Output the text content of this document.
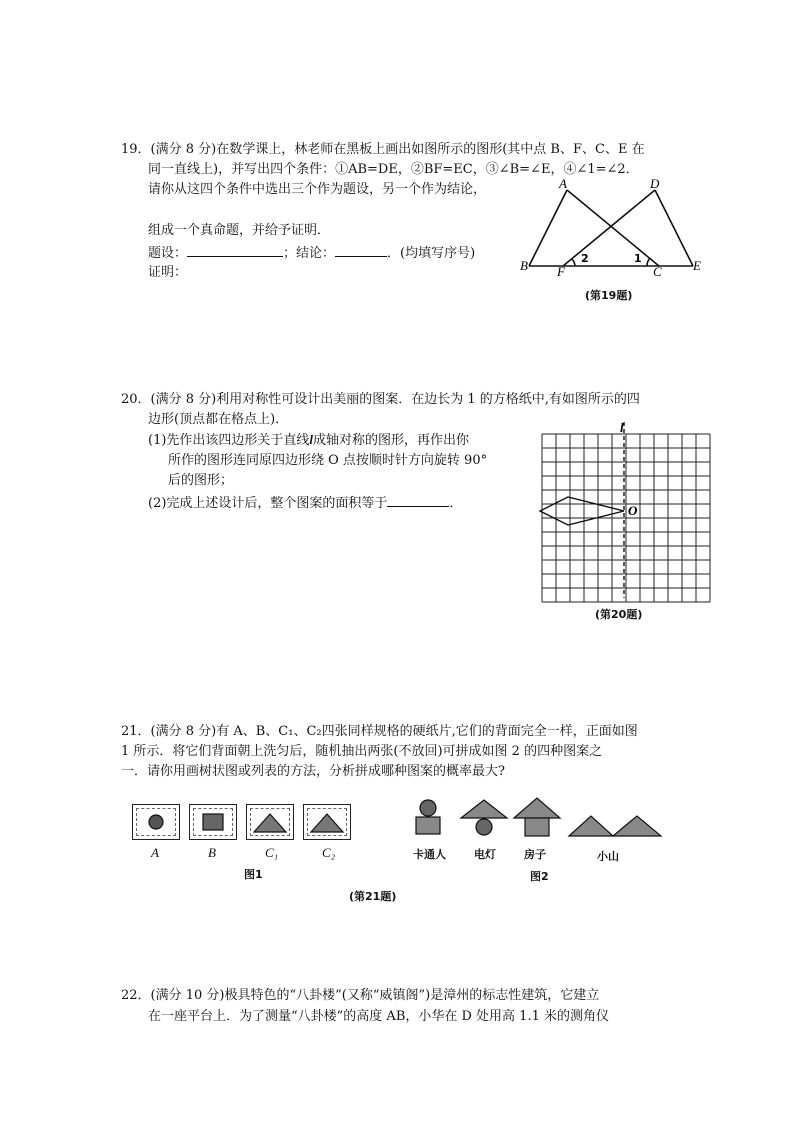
19．(满分 8 分)在数学课上，林老师在黑板上画出如图所示的图形(其中点 B、F、C、E 在
同一直线上)，并写出四个条件：①AB=DE，②BF=EC，③∠B=∠E，④∠1=∠2．
请你从这四个条件中选出三个作为题设，另一个作为结论，
组成一个真命题，并给予证明．
题设：	；结论：	．(均填写序号)
证明：
A	D
B F	C E
2	1
(第19题)
20．(满分 8 分)利用对称性可设计出美丽的图案．在边长为 1 的方格纸中,有如图所示的四
边形(顶点都在格点上)．
(1)先作出该四边形关于直线l成轴对称的图形，再作出你
所作的图形连同原四边形绕 O 点按顺时针方向旋转 90°
后的图形；
(2)完成上述设计后，整个图案的面积等于	．
l
O
(第20题)
21．(满分 8 分)有 A、B、C₁、C₂四张同样规格的硬纸片,它们的背面完全一样，正面如图
1 所示．将它们背面朝上洗匀后，随机抽出两张(不放回)可拼成如图 2 的四种图案之
一．请你用画树状图或列表的方法，分析拼成哪种图案的概率最大?
A	B	C₁	C₂
图1
卡通人	电灯	房子	小山
图2
(第21题)
22．(满分 10 分)极具特色的“八卦楼”(又称“威镇阁”)是漳州的标志性建筑，它建立
在一座平台上．为了测量“八卦楼”的高度 AB，小华在 D 处用高 1.1 米的测角仪
